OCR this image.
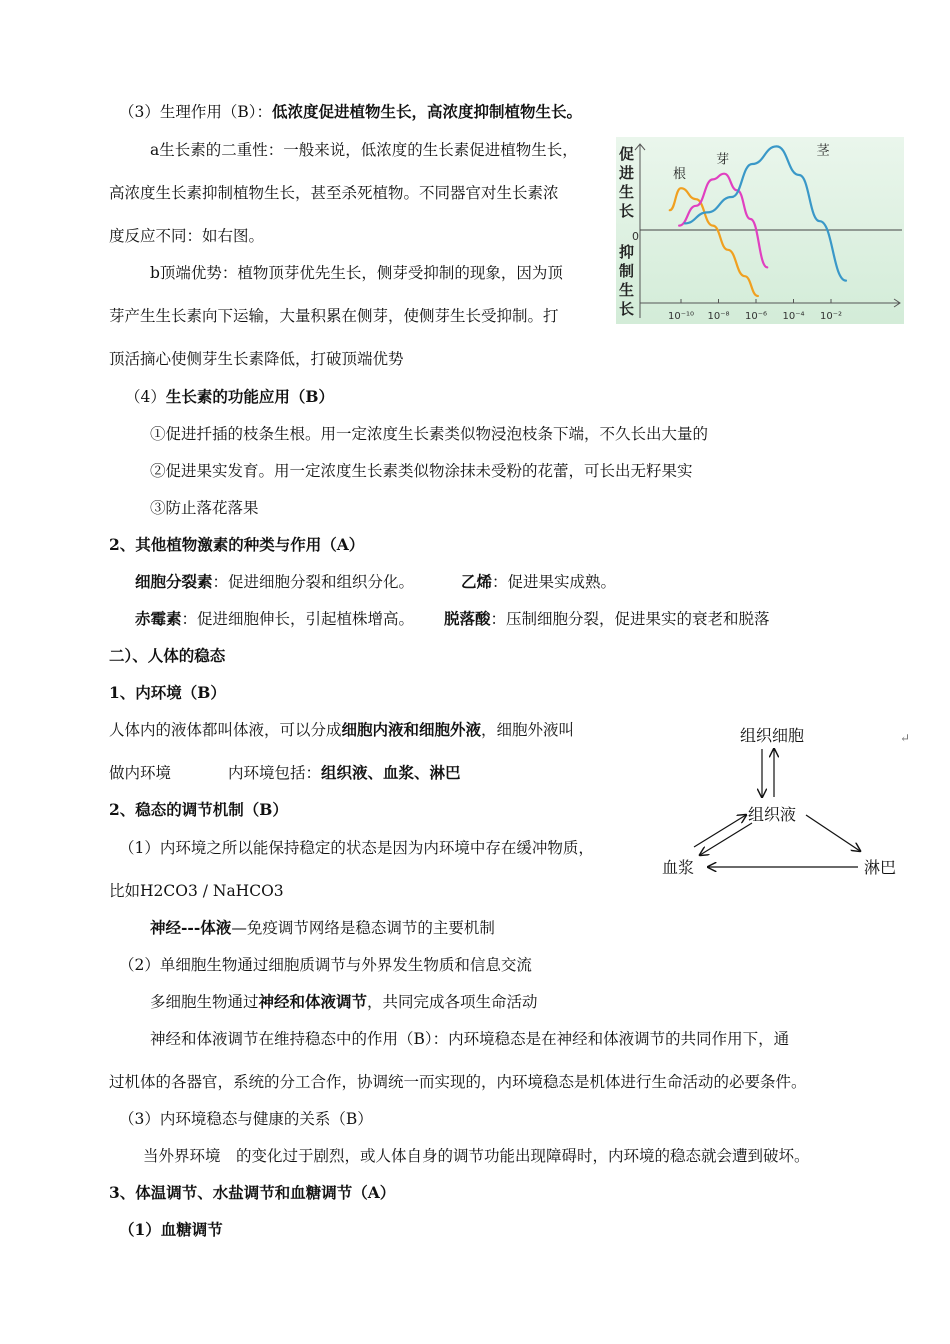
（3）生理作用（B）：低浓度促进植物生长，高浓度抑制植物生长。
a生长素的二重性：一般来说，低浓度的生长素促进植物生长，
高浓度生长素抑制植物生长，甚至杀死植物。不同器官对生长素浓
度反应不同：如右图。
b顶端优势：植物顶芽优先生长，侧芽受抑制的现象，因为顶
芽产生生长素向下运输，大量积累在侧芽，使侧芽生长受抑制。打
顶活摘心使侧芽生长素降低，打破顶端优势
促
进
生
长
抑
制
生
长
0
10⁻¹⁰ 10⁻⁸ 10⁻⁶ 10⁻⁴ 10⁻²
根
芽
茎
（4）生长素的功能应用（B）
①促进扦插的枝条生根。用一定浓度生长素类似物浸泡枝条下端，不久长出大量的
②促进果实发育。用一定浓度生长素类似物涂抹未受粉的花蕾，可长出无籽果实
③防止落花落果
2、其他植物激素的种类与作用（A）
细胞分裂素：促进细胞分裂和组织分化。	乙烯：促进果实成熟。
赤霉素：促进细胞伸长，引起植株增高。 脱落酸：压制细胞分裂，促进果实的衰老和脱落
二）、人体的稳态
1、内环境（B）
人体内的液体都叫体液，可以分成细胞内液和细胞外液，细胞外液叫
做内环境	内环境包括：组织液、血浆、淋巴
2、稳态的调节机制（B）
（1）内环境之所以能保持稳定的状态是因为内环境中存在缓冲物质，
比如H2CO3 / NaHCO3
神经---体液—免疫调节网络是稳态调节的主要机制
（2）单细胞生物通过细胞质调节与外界发生物质和信息交流
多细胞生物通过神经和体液调节，共同完成各项生命活动
神经和体液调节在维持稳态中的作用（B）：内环境稳态是在神经和体液调节的共同作用下，通
过机体的各器官，系统的分工合作，协调统一而实现的，内环境稳态是机体进行生命活动的必要条件。
（3）内环境稳态与健康的关系（B）
当外界环境　的变化过于剧烈，或人体自身的调节功能出现障碍时，内环境的稳态就会遭到破坏。
3、体温调节、水盐调节和血糖调节（A）
（1）血糖调节
组织细胞
组织液
血浆	淋巴
↵
